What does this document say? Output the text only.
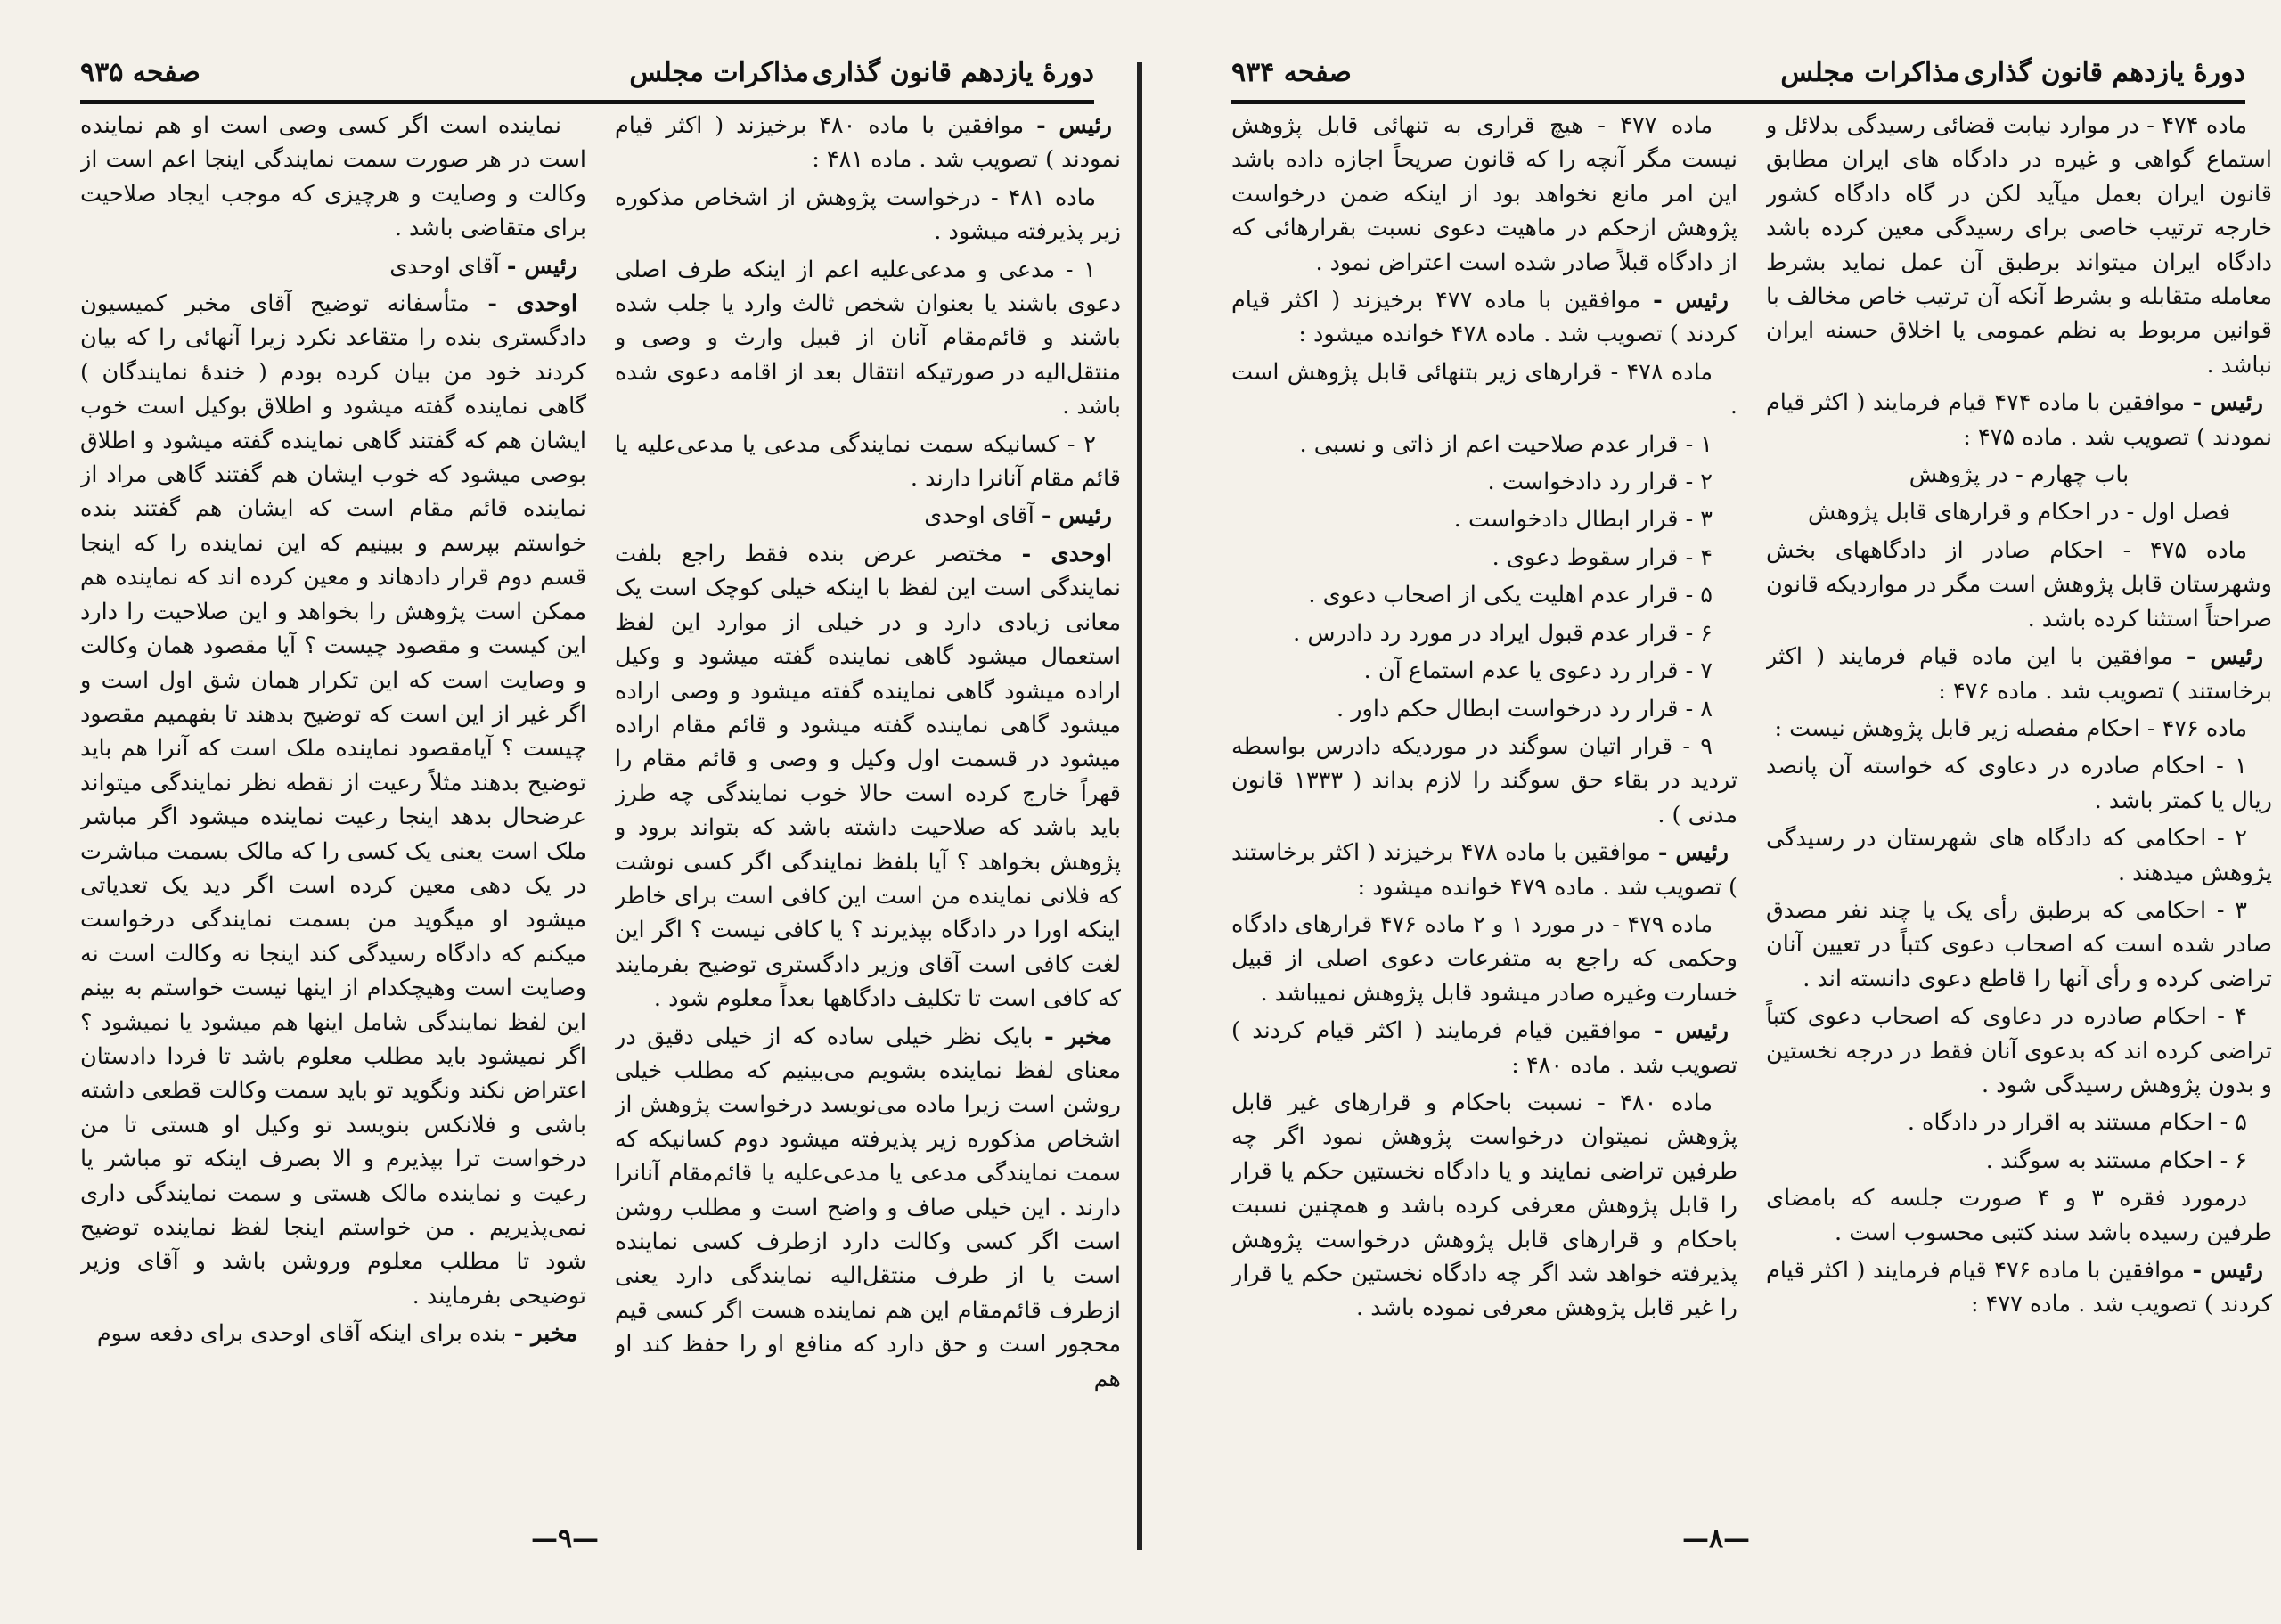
دورهٔ یازدهم قانون گذاری
مذاکرات مجلس
صفحه ۹۳۵

رئیس - موافقین با ماده ۴۸۰ برخیزند ( اکثر قیام نمودند ) تصویب شد . ماده ۴۸۱ :

ماده ۴۸۱ - درخواست پژوهش از اشخاص مذکوره زیر پذیرفته میشود .

۱ - مدعی و مدعی‌علیه اعم از اینکه طرف اصلی دعوی باشند یا بعنوان شخص ثالث وارد یا جلب شده باشند و قائم‌مقام آنان از قبیل وارث و وصی و منتقل‌الیه در صورتیکه انتقال بعد از اقامه دعوی شده باشد .

۲ - کسانیکه سمت نمایندگی مدعی یا مدعی‌علیه یا قائم مقام آنانرا دارند .

رئیس - آقای اوحدی

اوحدی - مختصر عرض بنده فقط راجع بلفت نمایندگی است این لفظ با اینکه خیلی کوچک است یک معانی زیادی دارد و در خیلی از موارد این لفظ استعمال میشود گاهی نماینده گفته میشود و وکیل اراده میشود گاهی نماینده گفته میشود و وصی اراده میشود گاهی نماینده گفته میشود و قائم مقام اراده میشود در قسمت اول وکیل و وصی و قائم مقام را قهراً خارج کرده است حالا خوب نمایندگی چه طرز باید باشد که صلاحیت داشته باشد که بتواند برود و پژوهش بخواهد ؟ آیا بلفظ نمایندگی اگر کسی نوشت که فلانی نماینده من است این کافی است برای خاطر اینکه اورا در دادگاه بپذیرند ؟ یا کافی نیست ؟ اگر این لغت کافی است آقای وزیر دادگستری توضیح بفرمایند که کافی است تا تکلیف دادگاهها بعداً معلوم شود .

مخبر - بایک نظر خیلی ساده که از خیلی دقیق در معنای لفظ نماینده بشویم می‌بینیم که مطلب خیلی روشن است زیرا ماده می‌نویسد درخواست پژوهش از اشخاص مذکوره زیر پذیرفته میشود دوم کسانیکه که سمت نمایندگی مدعی یا مدعی‌علیه یا قائم‌مقام آنانرا دارند . این خیلی صاف و واضح است و مطلب روشن است اگر کسی وکالت دارد ازطرف کسی نماینده است یا از طرف منتقل‌الیه نمایندگی دارد یعنی ازطرف قائم‌مقام این هم نماینده هست اگر کسی قیم محجور است و حق دارد که منافع او را حفظ کند او هم

نماینده است اگر کسی وصی است او هم نماینده است در هر صورت سمت نمایندگی اینجا اعم است از وکالت و وصایت و هرچیزی که موجب ایجاد صلاحیت برای متقاضی باشد .

رئیس - آقای اوحدی

اوحدی - متأسفانه توضیح آقای مخبر کمیسیون دادگستری بنده را متقاعد نکرد زیرا آنهائی را که بیان کردند خود من بیان کرده بودم ( خندهٔ نمایندگان ) گاهی نماینده گفته میشود و اطلاق بوکیل است خوب ایشان هم که گفتند گاهی نماینده گفته میشود و اطلاق بوصی میشود که خوب ایشان هم گفتند گاهی مراد از نماینده قائم مقام است که ایشان هم گفتند بنده خواستم بپرسم و ببینیم که این نماینده را که اینجا قسم دوم قرار دادهاند و معین کرده اند که نماینده هم ممکن است پژوهش را بخواهد و این صلاحیت را دارد این کیست و مقصود چیست ؟ آیا مقصود همان وکالت و وصایت است که این تکرار همان شق اول است و اگر غیر از این است که توضیح بدهند تا بفهمیم مقصود چیست ؟ آیامقصود نماینده ملک است که آنرا هم باید توضیح بدهند مثلاً رعیت از نقطه نظر نمایندگی میتواند عرضحال بدهد اینجا رعیت نماینده میشود اگر مباشر ملک است یعنی یک کسی را که مالک بسمت مباشرت در یک دهی معین کرده است اگر دید یک تعدیاتی میشود او میگوید من بسمت نمایندگی درخواست میکنم که دادگاه رسیدگی کند اینجا نه وکالت است نه وصایت است وهیچکدام از اینها نیست خواستم به بینم این لفظ نمایندگی شامل اینها هم میشود یا نمیشود ؟ اگر نمیشود باید مطلب معلوم باشد تا فردا دادستان اعتراض نکند ونگوید تو باید سمت وکالت قطعی داشته باشی و فلانکس بنویسد تو وکیل او هستی تا من درخواست ترا بپذیرم و الا بصرف اینکه تو مباشر یا رعیت و نماینده مالک هستی و سمت نمایندگی داری نمی‌پذیریم . من خواستم اینجا لفظ نماینده توضیح شود تا مطلب معلوم وروشن باشد و آقای وزیر توضیحی بفرمایند .

مخبر - بنده برای اینکه آقای اوحدی برای دفعه سوم

—۹—
دورهٔ یازدهم قانون گذاری
مذاکرات مجلس
صفحه ۹۳۴

ماده ۴۷۴ - در موارد نیابت قضائی رسیدگی بدلائل و استماع گواهی و غیره در دادگاه های ایران مطابق قانون ایران بعمل میآید لکن در گاه دادگاه کشور خارجه ترتیب خاصی برای رسیدگی معین کرده باشد دادگاه ایران میتواند برطبق آن عمل نماید بشرط معامله متقابله و بشرط آنکه آن ترتیب خاص مخالف با قوانین مربوط به نظم عمومی یا اخلاق حسنه ایران نباشد .

رئیس - موافقین با ماده ۴۷۴ قیام فرمایند ( اکثر قیام نمودند ) تصویب شد . ماده ۴۷۵ :

باب چهارم - در پژوهش

فصل اول - در احکام و قرارهای قابل پژوهش

ماده ۴۷۵ - احکام صادر از دادگاههای بخش وشهرستان قابل پژوهش است مگر در مواردیکه قانون صراحتاً استثنا کرده باشد .

رئیس - موافقین با این ماده قیام فرمایند ( اکثر برخاستند ) تصویب شد . ماده ۴۷۶ :

ماده ۴۷۶ - احکام مفصله زیر قابل پژوهش نیست :

۱ - احکام صادره در دعاوی که خواسته آن پانصد ریال یا کمتر باشد .

۲ - احکامی که دادگاه های شهرستان در رسیدگی پژوهش میدهند .

۳ - احکامی که برطبق رأی یک یا چند نفر مصدق صادر شده است که اصحاب دعوی کتباً در تعیین آنان تراضی کرده و رأی آنها را قاطع دعوی دانسته اند .

۴ - احکام صادره در دعاوی که اصحاب دعوی کتباً تراضی کرده اند که بدعوی آنان فقط در درجه نخستین و بدون پژوهش رسیدگی شود .

۵ - احکام مستند به اقرار در دادگاه .

۶ - احکام مستند به سوگند .

درمورد فقره ۳ و ۴ صورت جلسه که بامضای طرفین رسیده باشد سند کتبی محسوب است .

رئیس - موافقین با ماده ۴۷۶ قیام فرمایند ( اکثر قیام کردند ) تصویب شد . ماده ۴۷۷ :

ماده ۴۷۷ - هیچ قراری به تنهائی قابل پژوهش نیست مگر آنچه را که قانون صریحاً اجازه داده باشد این امر مانع نخواهد بود از اینکه ضمن درخواست پژوهش ازحکم در ماهیت دعوی نسبت بقرارهائی که از دادگاه قبلاً صادر شده است اعتراض نمود .

رئیس - موافقین با ماده ۴۷۷ برخیزند ( اکثر قیام کردند ) تصویب شد . ماده ۴۷۸ خوانده میشود :

ماده ۴۷۸ - قرارهای زیر بتنهائی قابل پژوهش است .

۱ - قرار عدم صلاحیت اعم از ذاتی و نسبی .

۲ - قرار رد دادخواست .

۳ - قرار ابطال دادخواست .

۴ - قرار سقوط دعوی .

۵ - قرار عدم اهلیت یکی از اصحاب دعوی .

۶ - قرار عدم قبول ایراد در مورد رد دادرس .

۷ - قرار رد دعوی یا عدم استماع آن .

۸ - قرار رد درخواست ابطال حکم داور .

۹ - قرار اتیان سوگند در موردیکه دادرس بواسطه تردید در بقاء حق سوگند را لازم بداند ( ۱۳۳۳ قانون مدنی ) .

رئیس - موافقین با ماده ۴۷۸ برخیزند ( اکثر برخاستند ) تصویب شد . ماده ۴۷۹ خوانده میشود :

ماده ۴۷۹ - در مورد ۱ و ۲ ماده ۴۷۶ قرارهای دادگاه وحکمی که راجع به متفرعات دعوی اصلی از قبیل خسارت وغیره صادر میشود قابل پژوهش نمیباشد .

رئیس - موافقین قیام فرمایند ( اکثر قیام کردند ) تصویب شد . ماده ۴۸۰ :

ماده ۴۸۰ - نسبت باحکام و قرارهای غیر قابل پژوهش نمیتوان درخواست پژوهش نمود اگر چه طرفین تراضی نمایند و یا دادگاه نخستین حکم یا قرار را قابل پژوهش معرفی کرده باشد و همچنین نسبت باحکام و قرارهای قابل پژوهش درخواست پژوهش پذیرفته خواهد شد اگر چه دادگاه نخستین حکم یا قرار را غیر قابل پژوهش معرفی نموده باشد .

—۸—
